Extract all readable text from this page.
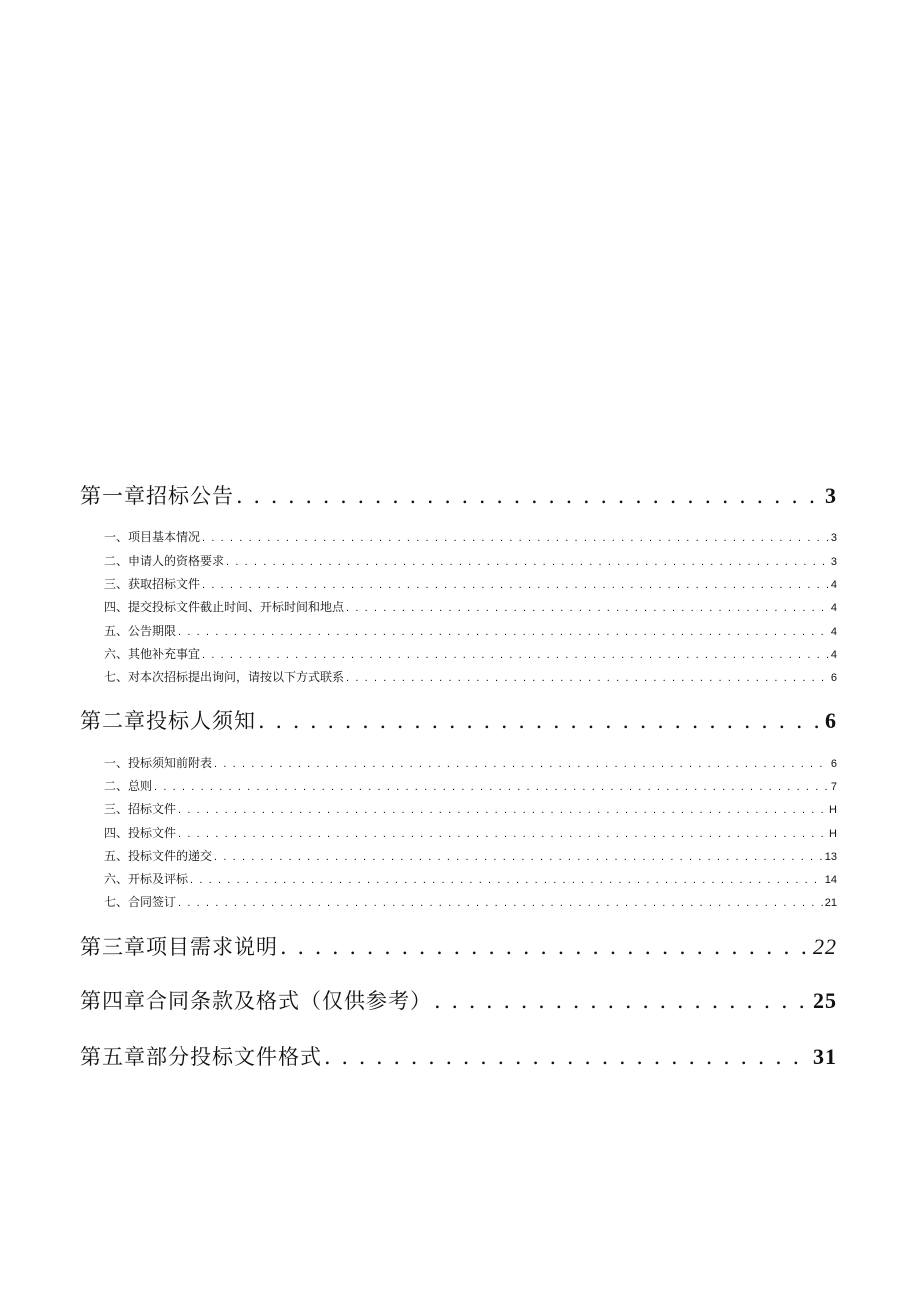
第一章招标公告 . . .	3
一、项目基本情况 . . .	3
二、申请人的资格要求 . . .	3
三、获取招标文件 . . .	4
四、提交投标文件截止时间、开标时间和地点 . . .	4
五、公告期限 . . .	4
六、其他补充事宜 . . .	4
七、对本次招标提出询问，请按以下方式联系 . . .	6
第二章投标人须知 . . .	6
一、投标须知前附表 . . .	6
二、总则 . . .	7
三、招标文件 . . .	H
四、投标文件 . . .	H
五、投标文件的递交 . . .	13
六、开标及评标 . . .	14
七、合同签订 . . .	21
第三章项目需求说明 . . .	22
第四章合同条款及格式（仅供参考） . . .	25
第五章部分投标文件格式 . . .	31
